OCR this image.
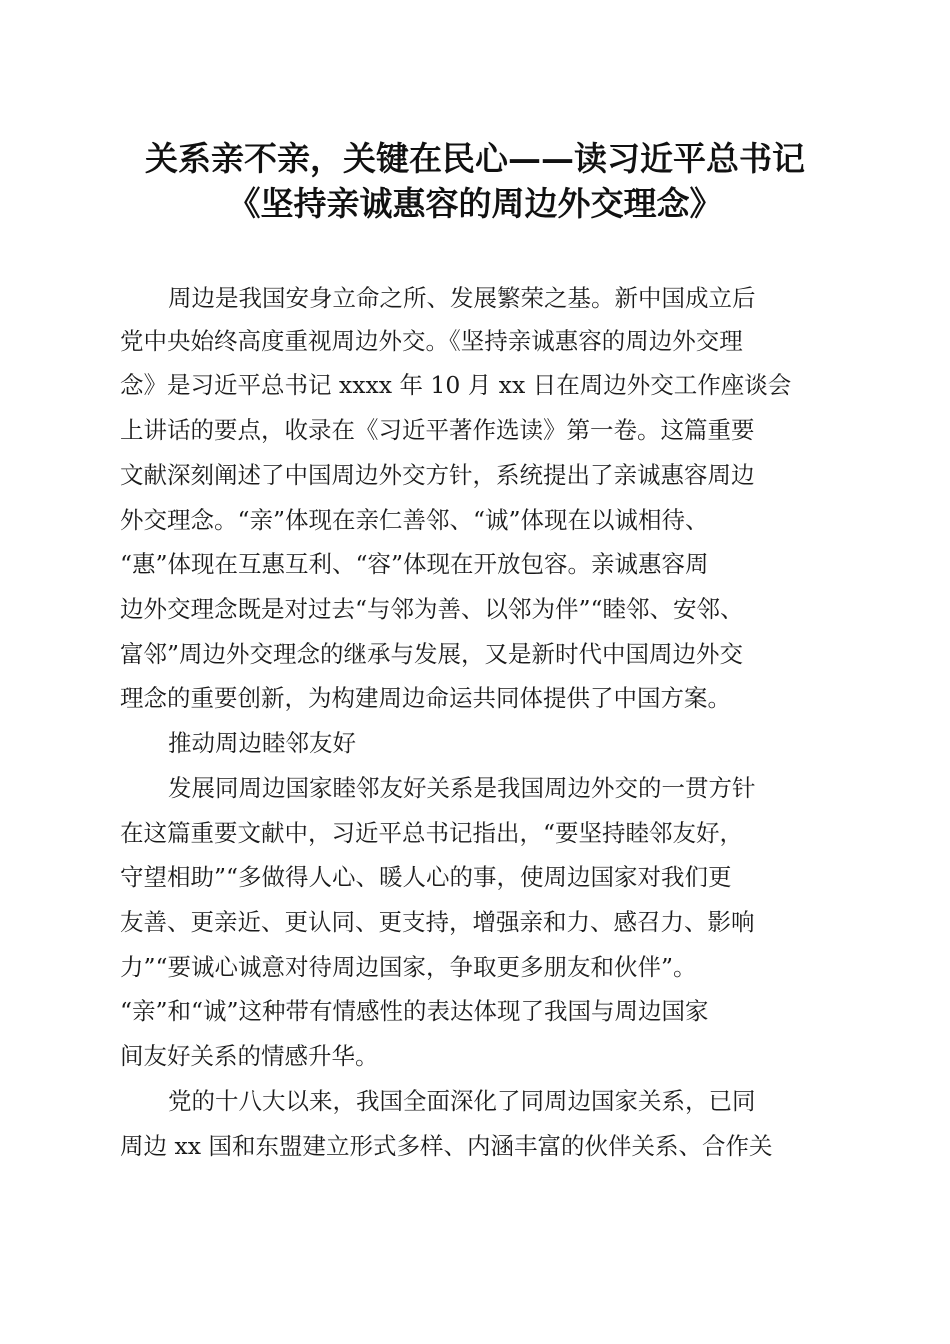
关系亲不亲，关键在民心——读习近平总书记
《坚持亲诚惠容的周边外交理念》
周边是我国安身立命之所、发展繁荣之基。新中国成立后
党中央始终高度重视周边外交。《坚持亲诚惠容的周边外交理
念》是习近平总书记 xxxx 年 10 月 xx 日在周边外交工作座谈会
上讲话的要点，收录在《习近平著作选读》第一卷。这篇重要
文献深刻阐述了中国周边外交方针，系统提出了亲诚惠容周边
外交理念。“亲”体现在亲仁善邻、“诚”体现在以诚相待、
“惠”体现在互惠互利、“容”体现在开放包容。亲诚惠容周
边外交理念既是对过去“与邻为善、以邻为伴”“睦邻、安邻、
富邻”周边外交理念的继承与发展，又是新时代中国周边外交
理念的重要创新，为构建周边命运共同体提供了中国方案。
推动周边睦邻友好
发展同周边国家睦邻友好关系是我国周边外交的一贯方针
在这篇重要文献中，习近平总书记指出，“要坚持睦邻友好，
守望相助”“多做得人心、暖人心的事，使周边国家对我们更
友善、更亲近、更认同、更支持，增强亲和力、感召力、影响
力”“要诚心诚意对待周边国家，争取更多朋友和伙伴”。
“亲”和“诚”这种带有情感性的表达体现了我国与周边国家
间友好关系的情感升华。
党的十八大以来，我国全面深化了同周边国家关系，已同
周边 xx 国和东盟建立形式多样、内涵丰富的伙伴关系、合作关
